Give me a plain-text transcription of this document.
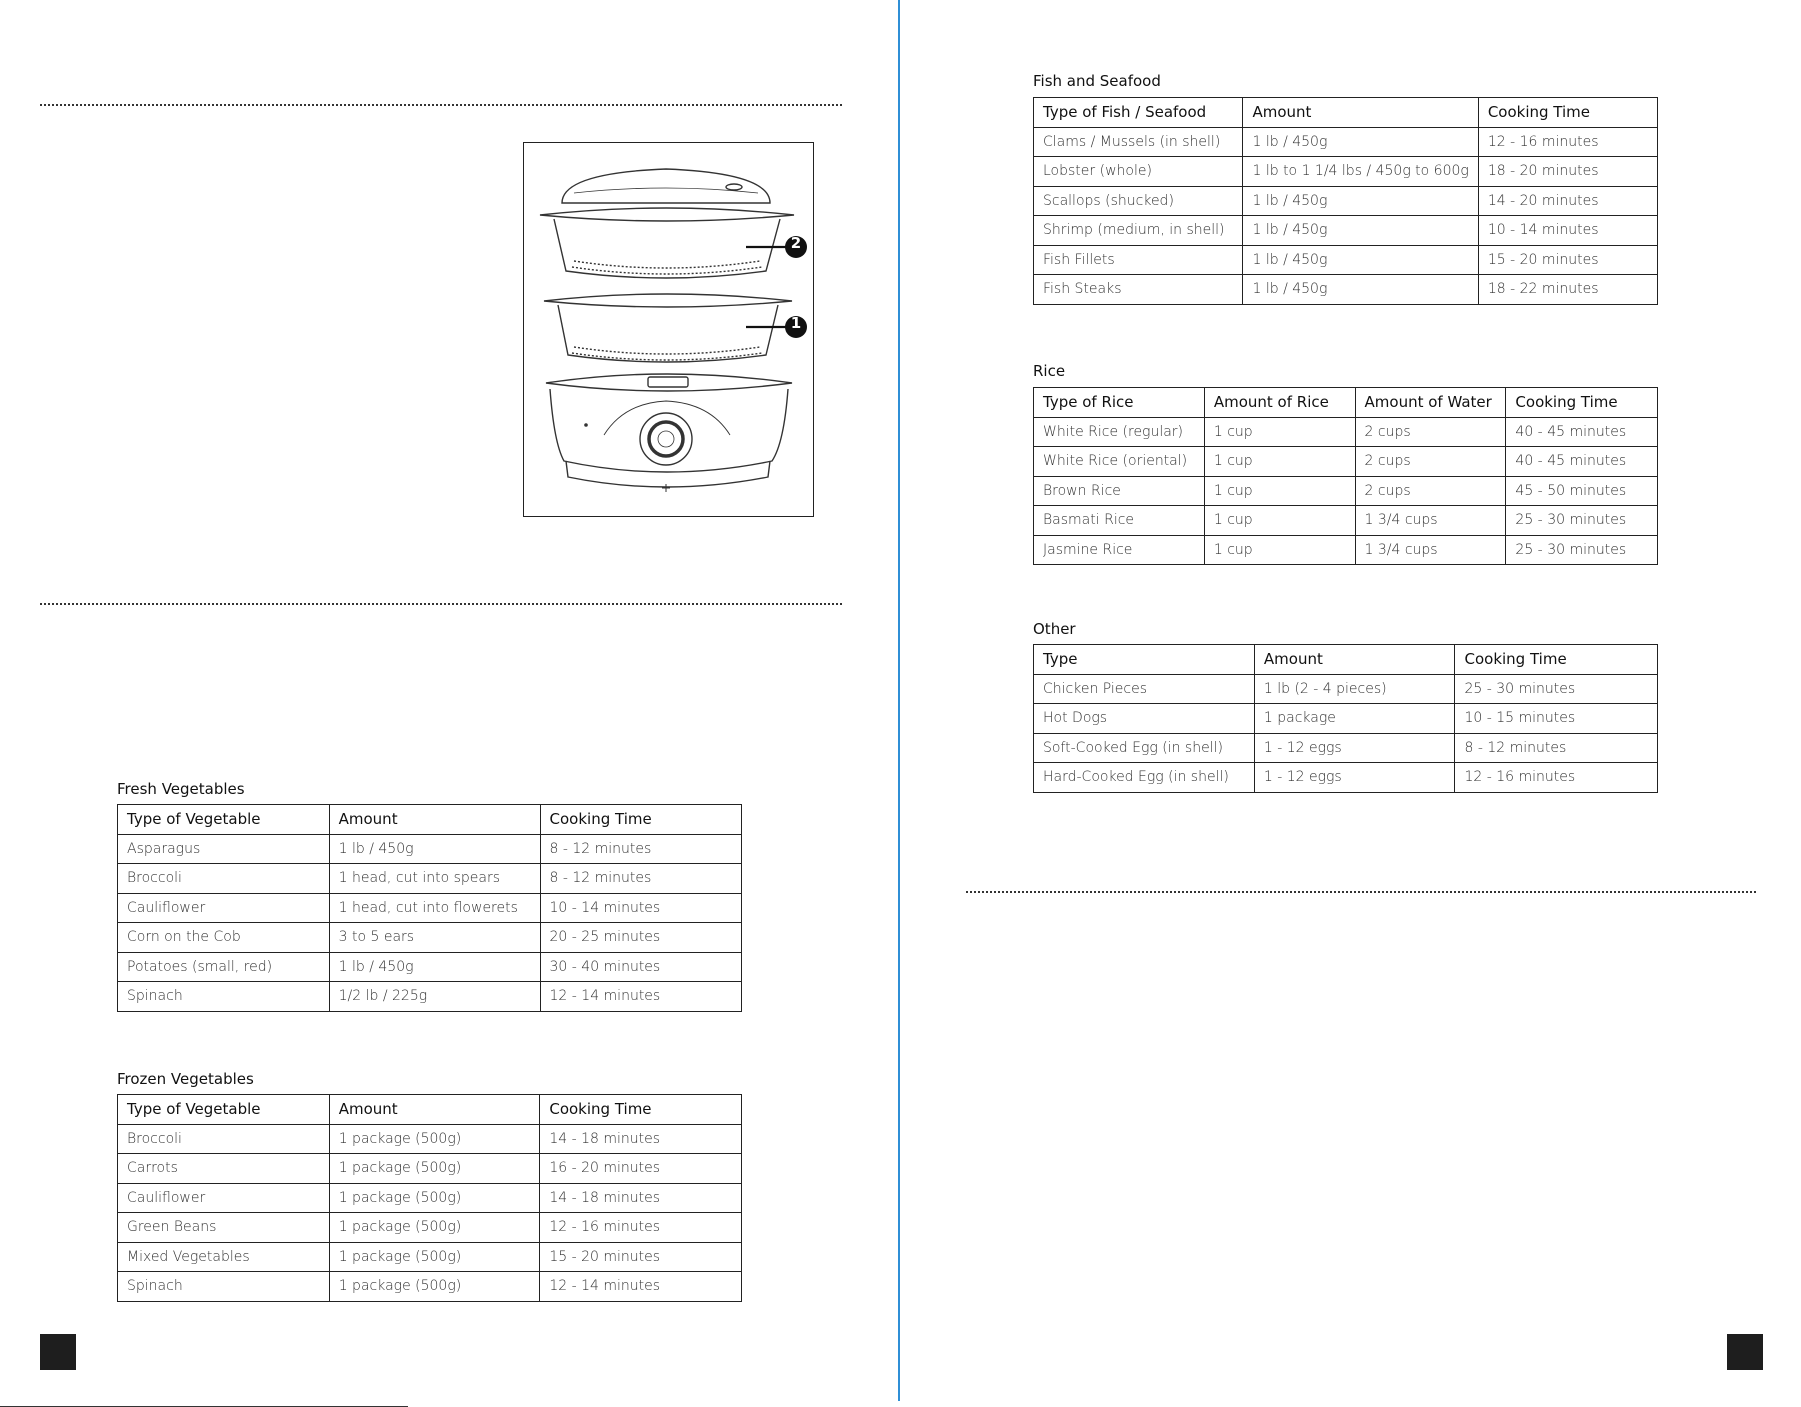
2
1
Fresh Vegetables
Type of Vegetable	Amount	Cooking Time
Asparagus	1 lb / 450g	8 - 12 minutes
Broccoli	1 head, cut into spears	8 - 12 minutes
Cauliflower	1 head, cut into flowerets	10 - 14 minutes
Corn on the Cob	3 to 5 ears	20 - 25 minutes
Potatoes (small, red)	1 lb / 450g	30 - 40 minutes
Spinach	1/2 lb / 225g	12 - 14 minutes
Frozen Vegetables
Type of Vegetable	Amount	Cooking Time
Broccoli	1 package (500g)	14 - 18 minutes
Carrots	1 package (500g)	16 - 20 minutes
Cauliflower	1 package (500g)	14 - 18 minutes
Green Beans	1 package (500g)	12 - 16 minutes
Mixed Vegetables	1 package (500g)	15 - 20 minutes
Spinach	1 package (500g)	12 - 14 minutes
Fish and Seafood
Type of Fish / Seafood	Amount	Cooking Time
Clams / Mussels (in shell)	1 lb / 450g	12 - 16 minutes
Lobster (whole)	1 lb to 1 1/4 lbs / 450g to 600g	18 - 20 minutes
Scallops (shucked)	1 lb / 450g	14 - 20 minutes
Shrimp (medium, in shell)	1 lb / 450g	10 - 14 minutes
Fish Fillets	1 lb / 450g	15 - 20 minutes
Fish Steaks	1 lb / 450g	18 - 22 minutes
Rice
Type of Rice	Amount of Rice	Amount of Water	Cooking Time
White Rice (regular)	1 cup	2 cups	40 - 45 minutes
White Rice (oriental)	1 cup	2 cups	40 - 45 minutes
Brown Rice	1 cup	2 cups	45 - 50 minutes
Basmati Rice	1 cup	1 3/4 cups	25 - 30 minutes
Jasmine Rice	1 cup	1 3/4 cups	25 - 30 minutes
Other
Type	Amount	Cooking Time
Chicken Pieces	1 lb (2 - 4 pieces)	25 - 30 minutes
Hot Dogs	1 package	10 - 15 minutes
Soft-Cooked Egg (in shell)	1 - 12 eggs	8 - 12 minutes
Hard-Cooked Egg (in shell)	1 - 12 eggs	12 - 16 minutes
